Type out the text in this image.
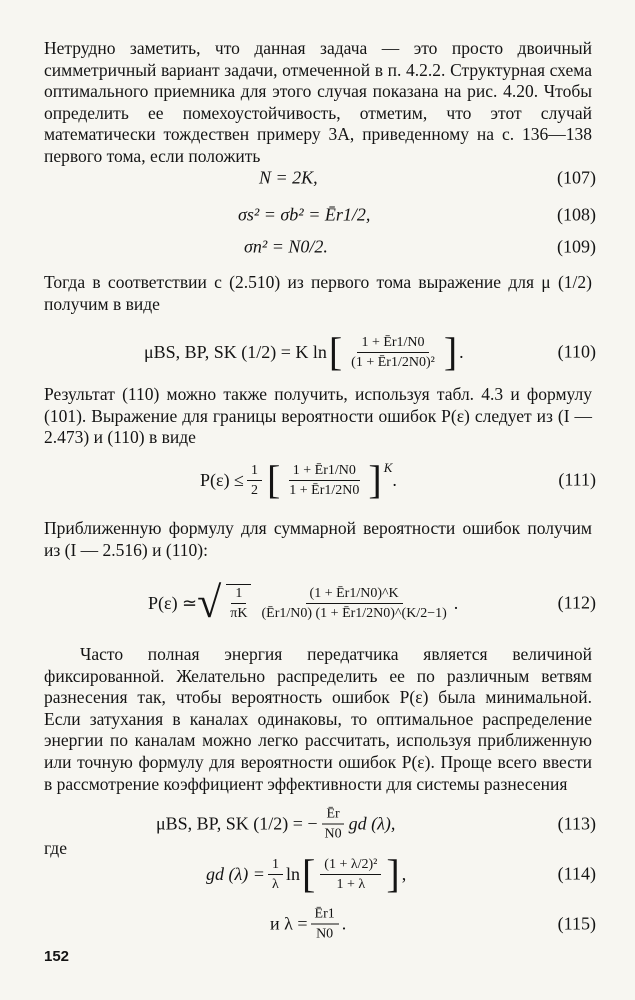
Нетрудно заметить, что данная задача — это просто двоичный симметричный вариант задачи, отмеченной в п. 4.2.2. Структурная схема оптимального приемника для этого случая показана на рис. 4.20. Чтобы определить ее помехоустойчивость, отметим, что этот случай математически тождествен примеру 3А, приведенному на с. 136—138 первого тома, если положить

N = 2K,	(107)
σs² = σb² = Ēr1/2,	(108)
σn² = N0/2.	(109)

Тогда в соответствии с (2.510) из первого тома выражение для μ (1/2) получим в виде

μBS, BP, SK (1/2) = K ln [ $\frac{1 + Ēr1/N0}{\text{(1 + Ēr1/2N0)²}}$ ] .	(110)

Результат (110) можно также получить, используя табл. 4.3 и формулу (101). Выражение для границы вероятности ошибок P(ε) следует из (I — 2.473) и (110) в виде

$P(\varepsilon) \le \frac{1}{2}$ [ $\frac{1 + Ēr1/N0}{1 + Ēr1/2N0} ]^K$
.	(111)

Приближенную формулу для суммарной вероятности ошибок получим из (I — 2.516) и (110):

P(ε) ≃ √ $\frac{1}{\pi K} \frac{(1 + Ēr1/N0)\^{}K}{(Ēr1/N0) (1 + Ēr1/2N0)\^{}(K/2-1)}$ .	(112)

Часто полная энергия передатчика является величиной фиксированной. Желательно распределить ее по различным ветвям разнесения так, чтобы вероятность ошибок P(ε) была минимальной. Если затухания в каналах одинаковы, то оптимальное распределение энергии по каналам можно легко рассчитать, используя приближенную или точную формулу для вероятности ошибок P(ε). Проще всего ввести в рассмотрение коэффициент эффективности для системы разнесения

μBS, BP, SK (1/2) = − $\frac{Ēr}{N0}$ gd (λ),	(113)
где
gd $(\lambda) = \frac{1}{\lambda}$ ln [ $\frac{\text{(1 + λ/2)²}}{1 + \lambda}$ ] ,	(114)
и $\lambda = \frac{Ēr1}{N0}$ .	(115)
152
